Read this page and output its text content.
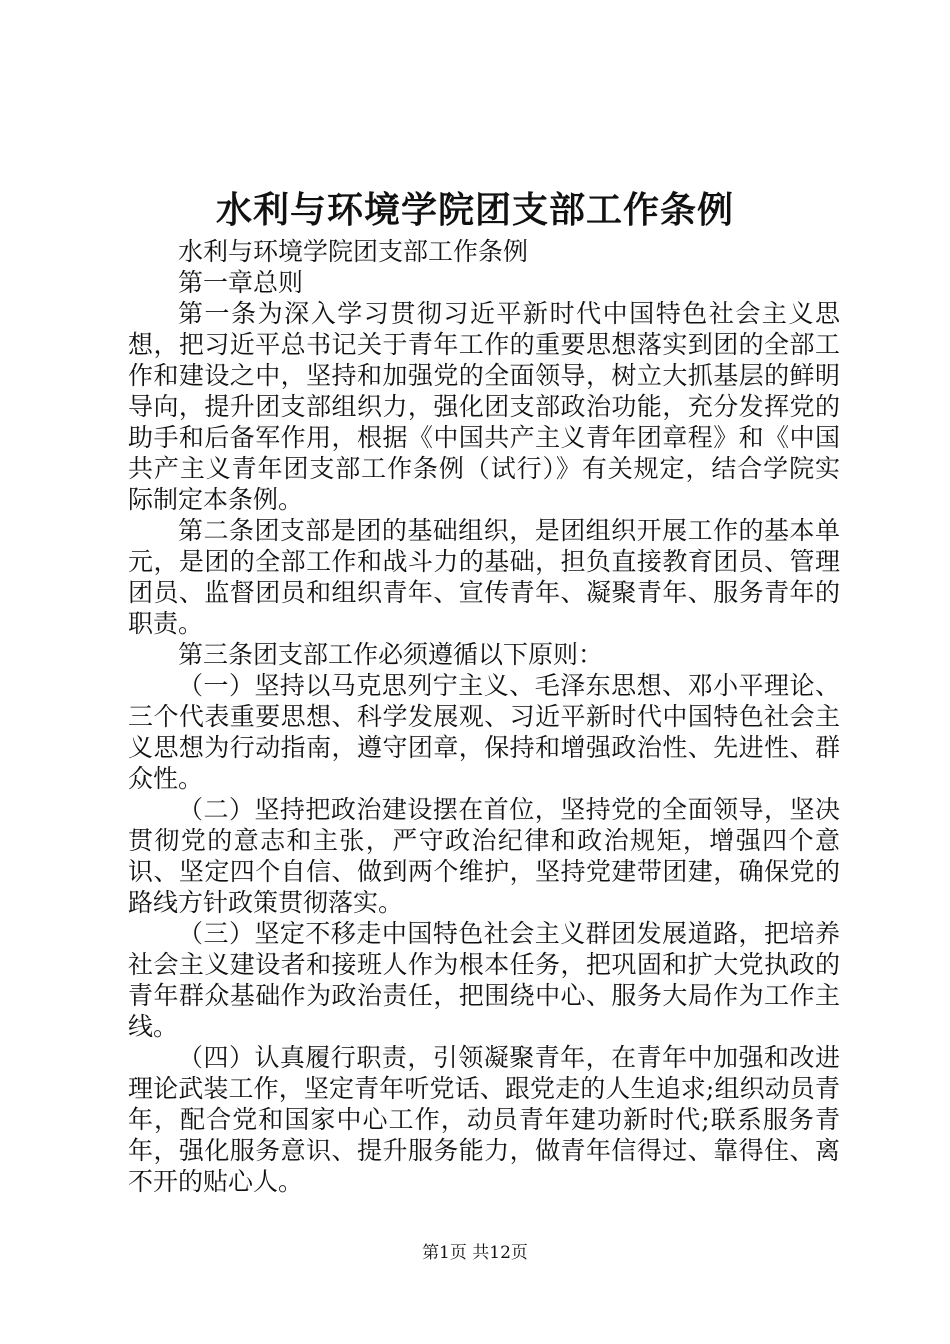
水利与环境学院团支部工作条例

水利与环境学院团支部工作条例

第一章总则

第一条为深入学习贯彻习近平新时代中国特色社会主义思想，把习近平总书记关于青年工作的重要思想落实到团的全部工作和建设之中，坚持和加强党的全面领导，树立大抓基层的鲜明导向，提升团支部组织力，强化团支部政治功能，充分发挥党的助手和后备军作用，根据《中国共产主义青年团章程》和《中国共产主义青年团支部工作条例（试行）》有关规定，结合学院实际制定本条例。

第二条团支部是团的基础组织，是团组织开展工作的基本单元，是团的全部工作和战斗力的基础，担负直接教育团员、管理团员、监督团员和组织青年、宣传青年、凝聚青年、服务青年的职责。

第三条团支部工作必须遵循以下原则：

（一）坚持以马克思列宁主义、毛泽东思想、邓小平理论、三个代表重要思想、科学发展观、习近平新时代中国特色社会主义思想为行动指南，遵守团章，保持和增强政治性、先进性、群众性。

（二）坚持把政治建设摆在首位，坚持党的全面领导，坚决贯彻党的意志和主张，严守政治纪律和政治规矩，增强四个意识、坚定四个自信、做到两个维护，坚持党建带团建，确保党的路线方针政策贯彻落实。

（三）坚定不移走中国特色社会主义群团发展道路，把培养社会主义建设者和接班人作为根本任务，把巩固和扩大党执政的青年群众基础作为政治责任，把围绕中心、服务大局作为工作主线。

（四）认真履行职责，引领凝聚青年，在青年中加强和改进理论武装工作，坚定青年听党话、跟党走的人生追求;组织动员青年，配合党和国家中心工作，动员青年建功新时代;联系服务青年，强化服务意识、提升服务能力，做青年信得过、靠得住、离不开的贴心人。

第1页 共12页
